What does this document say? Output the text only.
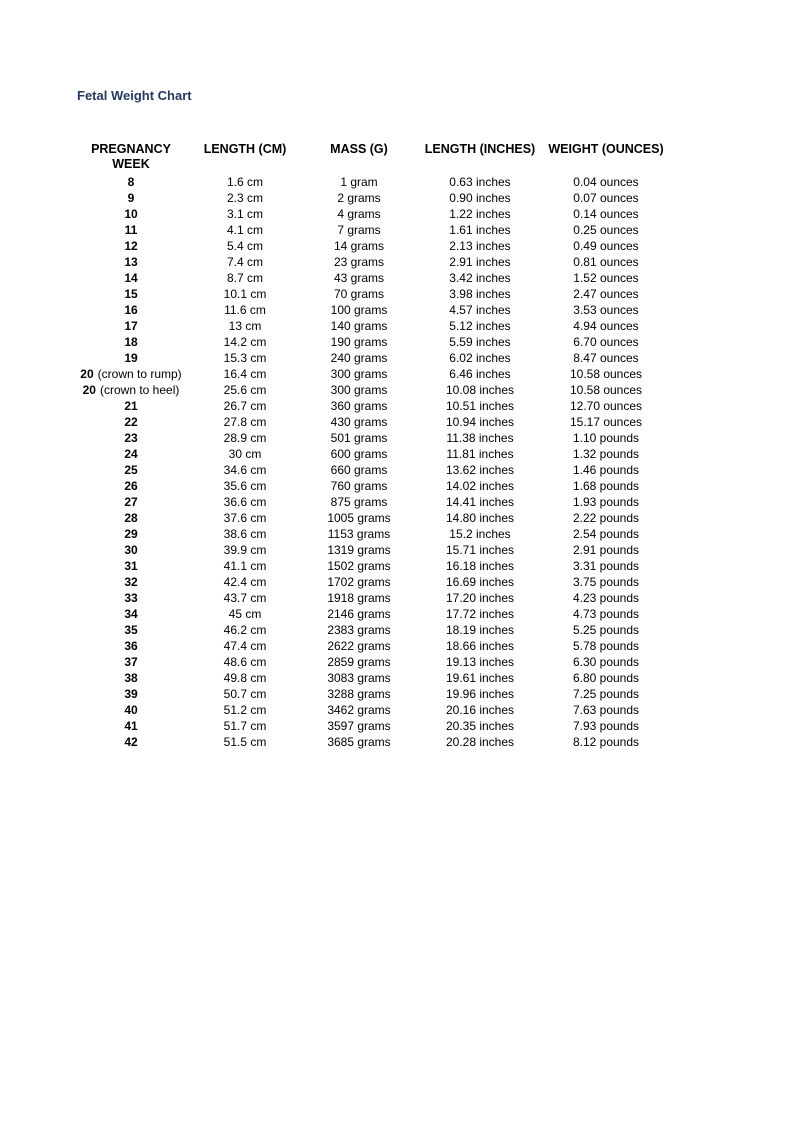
Fetal Weight Chart
PREGNANCY WEEK	LENGTH (CM)	MASS (G)	LENGTH (INCHES)	WEIGHT (OUNCES)
8	1.6 cm	1 gram	0.63 inches	0.04 ounces
9	2.3 cm	2 grams	0.90 inches	0.07 ounces
10	3.1 cm	4 grams	1.22 inches	0.14 ounces
11	4.1 cm	7 grams	1.61 inches	0.25 ounces
12	5.4 cm	14 grams	2.13 inches	0.49 ounces
13	7.4 cm	23 grams	2.91 inches	0.81 ounces
14	8.7 cm	43 grams	3.42 inches	1.52 ounces
15	10.1 cm	70 grams	3.98 inches	2.47 ounces
16	11.6 cm	100 grams	4.57 inches	3.53 ounces
17	13 cm	140 grams	5.12 inches	4.94 ounces
18	14.2 cm	190 grams	5.59 inches	6.70 ounces
19	15.3 cm	240 grams	6.02 inches	8.47 ounces
20 (crown to rump)	16.4 cm	300 grams	6.46 inches	10.58 ounces
20 (crown to heel)	25.6 cm	300 grams	10.08 inches	10.58 ounces
21	26.7 cm	360 grams	10.51 inches	12.70 ounces
22	27.8 cm	430 grams	10.94 inches	15.17 ounces
23	28.9 cm	501 grams	11.38 inches	1.10 pounds
24	30 cm	600 grams	11.81 inches	1.32 pounds
25	34.6 cm	660 grams	13.62 inches	1.46 pounds
26	35.6 cm	760 grams	14.02 inches	1.68 pounds
27	36.6 cm	875 grams	14.41 inches	1.93 pounds
28	37.6 cm	1005 grams	14.80 inches	2.22 pounds
29	38.6 cm	1153 grams	15.2 inches	2.54 pounds
30	39.9 cm	1319 grams	15.71 inches	2.91 pounds
31	41.1 cm	1502 grams	16.18 inches	3.31 pounds
32	42.4 cm	1702 grams	16.69 inches	3.75 pounds
33	43.7 cm	1918 grams	17.20 inches	4.23 pounds
34	45 cm	2146 grams	17.72 inches	4.73 pounds
35	46.2 cm	2383 grams	18.19 inches	5.25 pounds
36	47.4 cm	2622 grams	18.66 inches	5.78 pounds
37	48.6 cm	2859 grams	19.13 inches	6.30 pounds
38	49.8 cm	3083 grams	19.61 inches	6.80 pounds
39	50.7 cm	3288 grams	19.96 inches	7.25 pounds
40	51.2 cm	3462 grams	20.16 inches	7.63 pounds
41	51.7 cm	3597 grams	20.35 inches	7.93 pounds
42	51.5 cm	3685 grams	20.28 inches	8.12 pounds
